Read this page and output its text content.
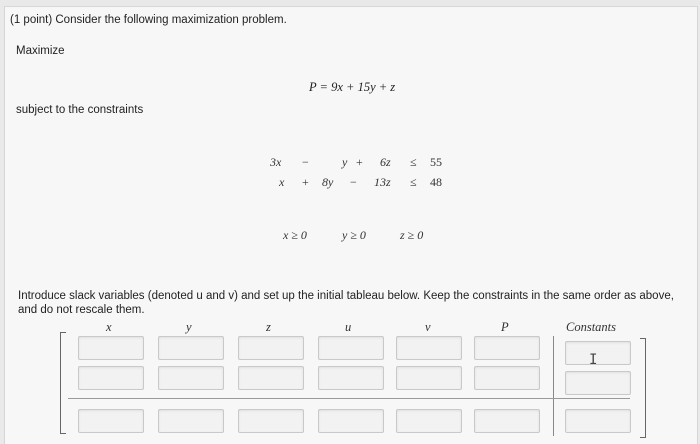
(1 point) Consider the following maximization problem.
Maximize
P = 9x + 15y + z
subject to the constraints
3x −	y + 6z ≤ 55
x + 8y − 13z ≤ 48
x ≥ 0	y ≥ 0	z ≥ 0
Introduce slack variables (denoted u and v) and set up the initial tableau below. Keep the constraints in the same order as above, and do not rescale them.
x	y	z	u	v	P	Constants
I
